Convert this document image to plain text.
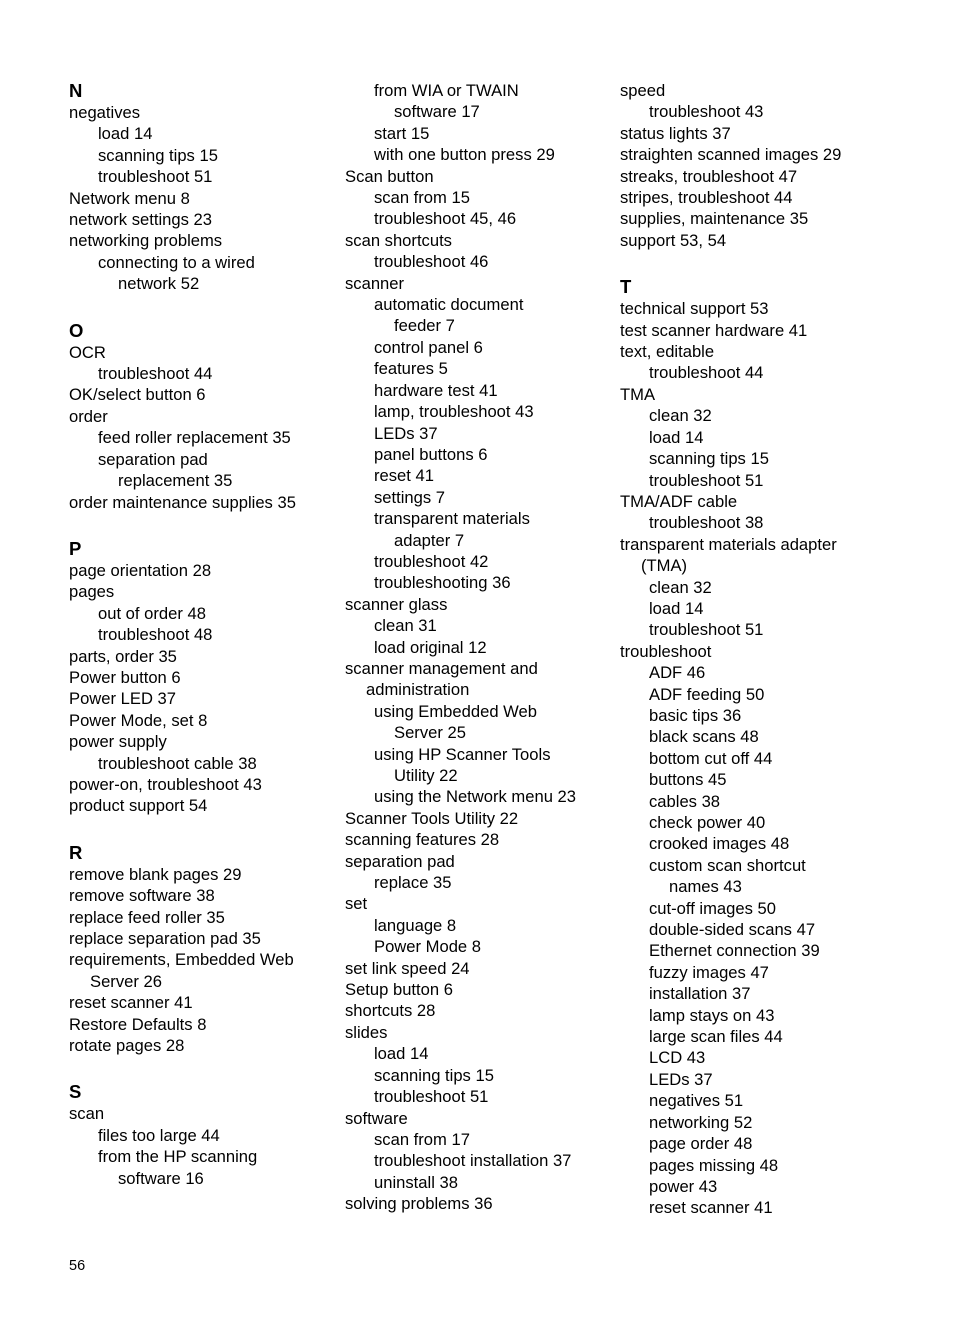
N
negatives
load 14
scanning tips 15
troubleshoot 51
Network menu 8
network settings 23
networking problems
connecting to a wired
network 52
O
OCR
troubleshoot 44
OK/select button 6
order
feed roller replacement 35
separation pad
replacement 35
order maintenance supplies 35
P
page orientation 28
pages
out of order 48
troubleshoot 48
parts, order 35
Power button 6
Power LED 37
Power Mode, set 8
power supply
troubleshoot cable 38
power-on, troubleshoot 43
product support 54
R
remove blank pages 29
remove software 38
replace feed roller 35
replace separation pad 35
requirements, Embedded Web
Server 26
reset scanner 41
Restore Defaults 8
rotate pages 28
S
scan
files too large 44
from the HP scanning
software 16
from WIA or TWAIN
software 17
start 15
with one button press 29
Scan button
scan from 15
troubleshoot 45, 46
scan shortcuts
troubleshoot 46
scanner
automatic document
feeder 7
control panel 6
features 5
hardware test 41
lamp, troubleshoot 43
LEDs 37
panel buttons 6
reset 41
settings 7
transparent materials
adapter 7
troubleshoot 42
troubleshooting 36
scanner glass
clean 31
load original 12
scanner management and
administration
using Embedded Web
Server 25
using HP Scanner Tools
Utility 22
using the Network menu 23
Scanner Tools Utility 22
scanning features 28
separation pad
replace 35
set
language 8
Power Mode 8
set link speed 24
Setup button 6
shortcuts 28
slides
load 14
scanning tips 15
troubleshoot 51
software
scan from 17
troubleshoot installation 37
uninstall 38
solving problems 36
speed
troubleshoot 43
status lights 37
straighten scanned images 29
streaks, troubleshoot 47
stripes, troubleshoot 44
supplies, maintenance 35
support 53, 54
T
technical support 53
test scanner hardware 41
text, editable
troubleshoot 44
TMA
clean 32
load 14
scanning tips 15
troubleshoot 51
TMA/ADF cable
troubleshoot 38
transparent materials adapter
(TMA)
clean 32
load 14
troubleshoot 51
troubleshoot
ADF 46
ADF feeding 50
basic tips 36
black scans 48
bottom cut off 44
buttons 45
cables 38
check power 40
crooked images 48
custom scan shortcut
names 43
cut-off images 50
double-sided scans 47
Ethernet connection 39
fuzzy images 47
installation 37
lamp stays on 43
large scan files 44
LCD 43
LEDs 37
negatives 51
networking 52
page order 48
pages missing 48
power 43
reset scanner 41
56
